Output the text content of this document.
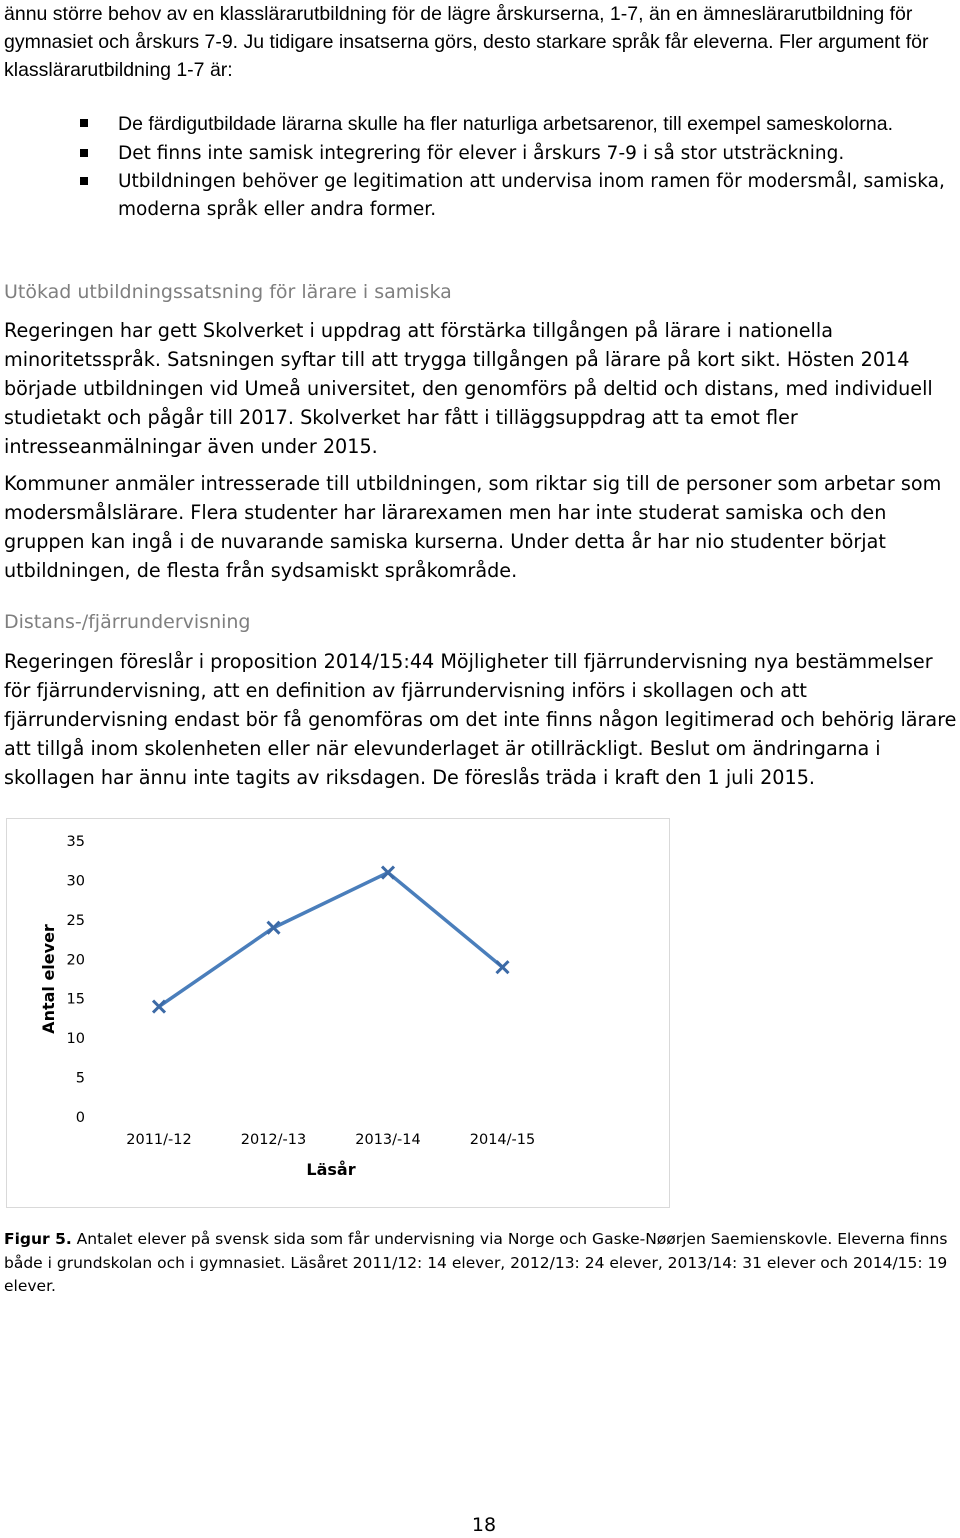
ännu större behov av en klasslärarutbildning för de lägre årskurserna, 1-7, än en ämneslärarutbildning för gymnasiet och årskurs 7-9. Ju tidigare insatserna görs, desto starkare språk får eleverna. Fler argument för klasslärarutbildning 1-7 är:
De färdigutbildade lärarna skulle ha fler naturliga arbetsarenor, till exempel sameskolorna.
Det finns inte samisk integrering för elever i årskurs 7-9 i så stor utsträckning.
Utbildningen behöver ge legitimation att undervisa inom ramen för modersmål, samiska, moderna språk eller andra former.
Utökad utbildningssatsning för lärare i samiska
Regeringen har gett Skolverket i uppdrag att förstärka tillgången på lärare i nationella minoritetsspråk. Satsningen syftar till att trygga tillgången på lärare på kort sikt. Hösten 2014 började utbildningen vid Umeå universitet, den genomförs på deltid och distans, med individuell studietakt och pågår till 2017. Skolverket har fått i tilläggsuppdrag att ta emot fler intresseanmälningar även under 2015.
Kommuner anmäler intresserade till utbildningen, som riktar sig till de personer som arbetar som modersmålslärare. Flera studenter har lärarexamen men har inte studerat samiska och den gruppen kan ingå i de nuvarande samiska kurserna. Under detta år har nio studenter börjat utbildningen, de flesta från sydsamiskt språkområde.
Distans-/fjärrundervisning
Regeringen föreslår i proposition 2014/15:44 Möjligheter till fjärrundervisning nya bestämmelser för fjärrundervisning, att en definition av fjärrundervisning införs i skollagen och att fjärrundervisning endast bör få genomföras om det inte finns någon legitimerad och behörig lärare att tillgå inom skolenheten eller när elevunderlaget är otillräckligt. Beslut om ändringarna i skollagen har ännu inte tagits av riksdagen. De föreslås träda i kraft den 1 juli 2015.
0
5
10
15
20
25
30
35
2011/-12	2012/-13	2013/-14	2014/-15
Läsår
Antal elever
Figur 5. Antalet elever på svensk sida som får undervisning via Norge och Gaske-Nøørjen Saemienskovle. Eleverna finns både i grundskolan och i gymnasiet. Läsåret 2011/12: 14 elever, 2012/13: 24 elever, 2013/14: 31 elever och 2014/15: 19 elever.
18
